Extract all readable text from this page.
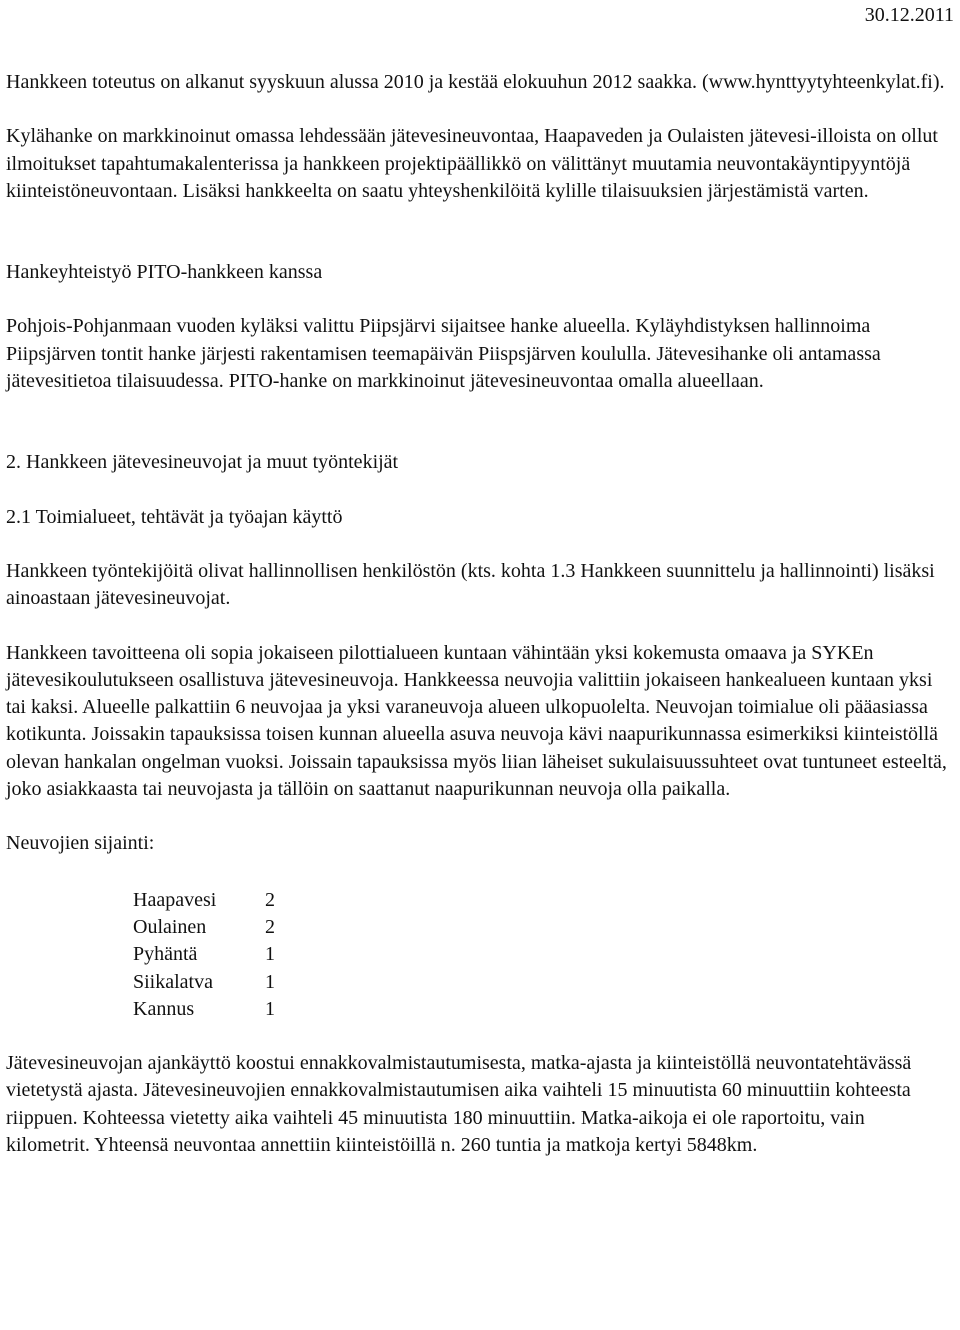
30.12.2011

Hankkeen toteutus on alkanut syyskuun alussa 2010 ja kestää elokuuhun 2012 saakka. (www.hynttyytyhteenkylat.fi).

Kylähanke on markkinoinut omassa lehdessään jätevesineuvontaa, Haapaveden ja Oulaisten jätevesi-illoista on ollut ilmoitukset tapahtumakalenterissa ja hankkeen projektipäällikkö on välittänyt muutamia neuvontakäyntipyyntöjä kiinteistöneuvontaan. Lisäksi hankkeelta on saatu yhteyshenkilöitä kylille tilaisuuksien järjestämistä varten.

Hankeyhteistyö PITO-hankkeen kanssa

Pohjois-Pohjanmaan vuoden kyläksi valittu Piipsjärvi sijaitsee hanke alueella. Kyläyhdistyksen hallinnoima Piipsjärven tontit hanke järjesti rakentamisen teemapäivän Piispsjärven koululla. Jätevesihanke oli antamassa jätevesitietoa tilaisuudessa. PITO-hanke on markkinoinut jätevesineuvontaa omalla alueellaan.

2. Hankkeen jätevesineuvojat ja muut työntekijät

2.1 Toimialueet, tehtävät ja työajan käyttö

Hankkeen työntekijöitä olivat hallinnollisen henkilöstön (kts. kohta 1.3 Hankkeen suunnittelu ja hallinnointi) lisäksi ainoastaan jätevesineuvojat.

Hankkeen tavoitteena oli sopia jokaiseen pilottialueen kuntaan vähintään yksi kokemusta omaava ja SYKEn jätevesikoulutukseen osallistuva jätevesineuvoja. Hankkeessa neuvojia valittiin jokaiseen hankealueen kuntaan yksi tai kaksi. Alueelle palkattiin 6 neuvojaa ja yksi varaneuvoja alueen ulkopuolelta. Neuvojan toimialue oli pääasiassa kotikunta. Joissakin tapauksissa toisen kunnan alueella asuva neuvoja kävi naapurikunnassa esimerkiksi kiinteistöllä olevan hankalan ongelman vuoksi. Joissain tapauksissa myös liian läheiset sukulaisuussuhteet ovat tuntuneet esteeltä, joko asiakkaasta tai neuvojasta ja tällöin on saattanut naapurikunnan neuvoja olla paikalla.

Neuvojien sijainti:

Haapavesi	2
Oulainen	2
Pyhäntä	1
Siikalatva	1
Kannus	1

Jätevesineuvojan ajankäyttö koostui ennakkovalmistautumisesta, matka-ajasta ja kiinteistöllä neuvontatehtävässä vietetystä ajasta. Jätevesineuvojien ennakkovalmistautumisen aika vaihteli 15 minuutista 60 minuuttiin kohteesta riippuen. Kohteessa vietetty aika vaihteli 45 minuutista 180 minuuttiin. Matka-aikoja ei ole raportoitu, vain kilometrit. Yhteensä neuvontaa annettiin kiinteistöillä n. 260 tuntia ja matkoja kertyi 5848km.
